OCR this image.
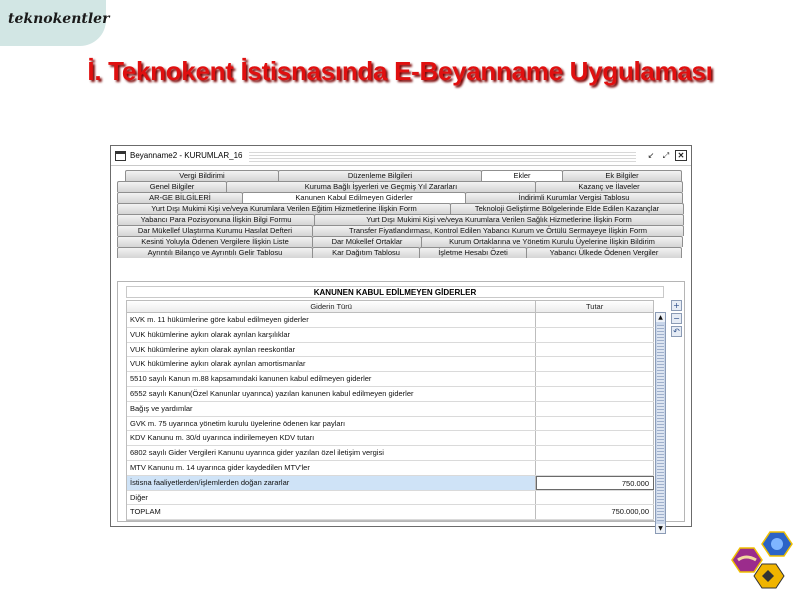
teknokentler
İ. Teknokent İstisnasında E-Beyanname Uygulaması
Beyanname2 - KURUMLAR_16	↙	⤢	✕
Vergi Bildirimi	Düzenleme Bilgileri	Ekler	Ek Bilgiler
Genel Bilgiler	Kuruma Bağlı İşyerleri ve Geçmiş Yıl Zararları	Kazanç ve İlaveler
AR-GE BİLGİLERİ	Kanunen Kabul Edilmeyen Giderler	İndirimli Kurumlar Vergisi Tablosu
Yurt Dışı Mukimi Kişi ve/veya Kurumlara Verilen Eğitim Hizmetlerine İlişkin Form	Teknoloji Geliştirme Bölgelerinde Elde Edilen Kazançlar
Yabancı Para Pozisyonuna İlişkin Bilgi Formu	Yurt Dışı Mukimi Kişi ve/veya Kurumlara Verilen Sağlık Hizmetlerine İlişkin Form
Dar Mükellef Ulaştırma Kurumu Hasılat Defteri	Transfer Fiyatlandırması, Kontrol Edilen Yabancı Kurum ve Örtülü Sermayeye İlişkin Form
Kesinti Yoluyla Ödenen Vergilere İlişkin Liste	Dar Mükellef Ortaklar	Kurum Ortaklarına ve Yönetim Kurulu Üyelerine İlişkin Bildirim
Ayrıntılı Bilanço ve Ayrıntılı Gelir Tablosu	Kar Dağıtım Tablosu	İşletme Hesabı Özeti	Yabancı Ülkede Ödenen Vergiler
KANUNEN KABUL EDİLMEYEN GİDERLER
Giderin Türü	Tutar
KVK m. 11 hükümlerine göre kabul edilmeyen giderler
VUK hükümlerine aykırı olarak ayrılan karşılıklar
VUK hükümlerine aykırı olarak ayrılan reeskontlar
VUK hükümlerine aykırı olarak ayrılan amortismanlar
5510 sayılı Kanun m.88 kapsamındaki kanunen kabul edilmeyen giderler
6552 sayılı Kanun(Özel Kanunlar uyarınca) yazılan kanunen kabul edilmeyen giderler
Bağış ve yardımlar
GVK m. 75 uyarınca yönetim kurulu üyelerine ödenen kar payları
KDV Kanunu m. 30/d uyarınca indirilemeyen KDV tutarı
6802 sayılı Gider Vergileri Kanunu uyarınca gider yazılan özel iletişim vergisi
MTV Kanunu m. 14 uyarınca gider kaydedilen MTV'ler
İstisna faaliyetlerden/işlemlerden doğan zararlar	750.000
Diğer
TOPLAM	750.000,00
▲
▼
+
−
↶
